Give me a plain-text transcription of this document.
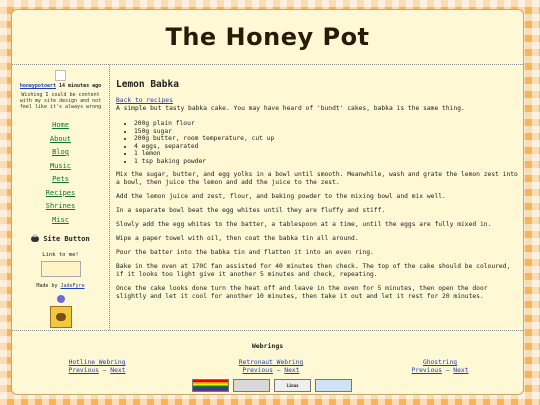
The Honey Pot
honeypotoert 14 minutes ago
Wishing I could be content with my site design and not feel like it's always wrong
Home
About
Blog
Music
Pets
Recipes
Shrines
Misc
Site Button
Link to me!
Made by JadeFyre
Lemon Babka
Back to recipes

A simple but tasty babka cake. You may have heard of 'bundt' cakes, babka is the same thing.

• 200g plain flour
• 150g sugar
• 200g butter, room temperature, cut up
• 4 eggs, separated
• 1 lemon
• 1 tsp baking powder

Mix the sugar, butter, and egg yolks in a bowl until smooth. Meanwhile, wash and grate the lemon zest into a bowl, then juice the lemon and add the juice to the zest.

Add the lemon juice and zest, flour, and baking powder to the mixing bowl and mix well.

In a separate bowl beat the egg whites until they are fluffy and stiff.

Slowly add the egg whites to the batter, a tablespoon at a time, until the eggs are fully mixed in.

Wipe a paper towel with oil, then coat the babka tin all around.

Pour the batter into the babka tin and flatten it into an even ring.

Bake in the oven at 170C fan assisted for 40 minutes then check. The top of the cake should be coloured, if it looks too light give it another 5 minutes and check, repeating.

Once the cake looks done turn the heat off and leave in the oven for 5 minutes, then open the door slightly and let it cool for another 10 minutes, then take it out and let it rest for 20 minutes.

Webrings
Hotline Webring
Previous – Next
Retronaut Webring
Previous – Next
Ghostring
Previous – Next
Linux
